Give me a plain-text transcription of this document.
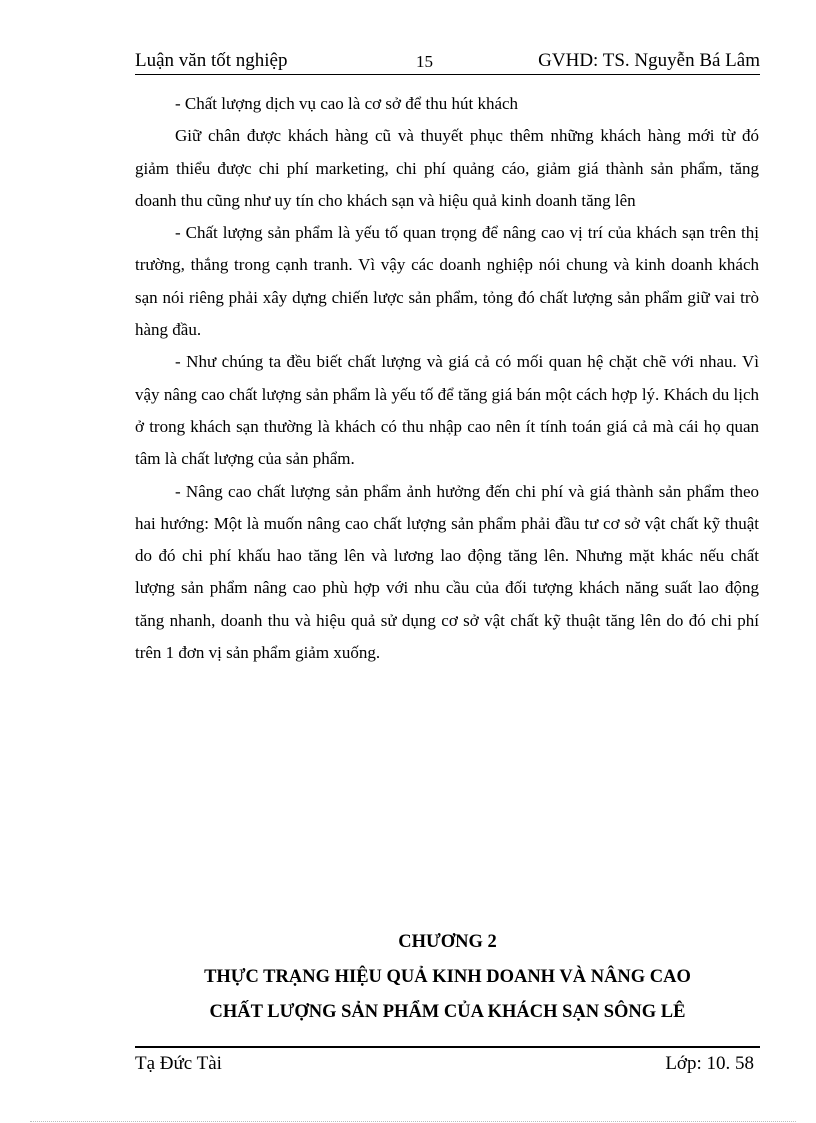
Luận văn tốt nghiệp	15	GVHD: TS. Nguyễn Bá Lâm

- Chất lượng dịch vụ cao là cơ sở để thu hút khách

Giữ chân được khách hàng cũ và thuyết phục thêm những khách hàng mới từ đó giảm thiểu được chi phí marketing, chi phí quảng cáo, giảm giá thành sản phẩm, tăng doanh thu cũng như uy tín cho khách sạn và hiệu quả kinh doanh tăng lên

- Chất lượng sản phẩm là yếu tố quan trọng để nâng cao vị trí của khách sạn trên thị trường, thắng trong cạnh tranh. Vì vậy các doanh nghiệp nói chung và kinh doanh khách sạn nói riêng phải xây dựng chiến lược sản phẩm, tỏng đó chất lượng sản phẩm giữ vai trò hàng đầu.

- Như chúng ta đều biết chất lượng và giá cả có mối quan hệ chặt chẽ với nhau. Vì vậy nâng cao chất lượng sản phẩm là yếu tố để tăng giá bán một cách hợp lý. Khách du lịch ở trong khách sạn thường là khách có thu nhập cao nên ít tính toán giá cả mà cái họ quan tâm là chất lượng của sản phẩm.

- Nâng cao chất lượng sản phẩm ảnh hưởng đến chi phí và giá thành sản phẩm theo hai hướng: Một là muốn nâng cao chất lượng sản phẩm phải đầu tư cơ sở vật chất kỹ thuật do đó chi phí khấu hao tăng lên và lương lao động tăng lên. Nhưng mặt khác nếu chất lượng sản phẩm nâng cao phù hợp với nhu cầu của đối tượng khách năng suất lao động tăng nhanh, doanh thu và hiệu quả sử dụng cơ sở vật chất kỹ thuật tăng lên do đó chi phí trên 1 đơn vị sản phẩm giảm xuống.

CHƯƠNG 2
THỰC TRẠNG HIỆU QUẢ KINH DOANH VÀ NÂNG CAO
CHẤT LƯỢNG SẢN PHẨM CỦA KHÁCH SẠN SÔNG LÊ
Tạ Đức Tài	Lớp: 10. 58
